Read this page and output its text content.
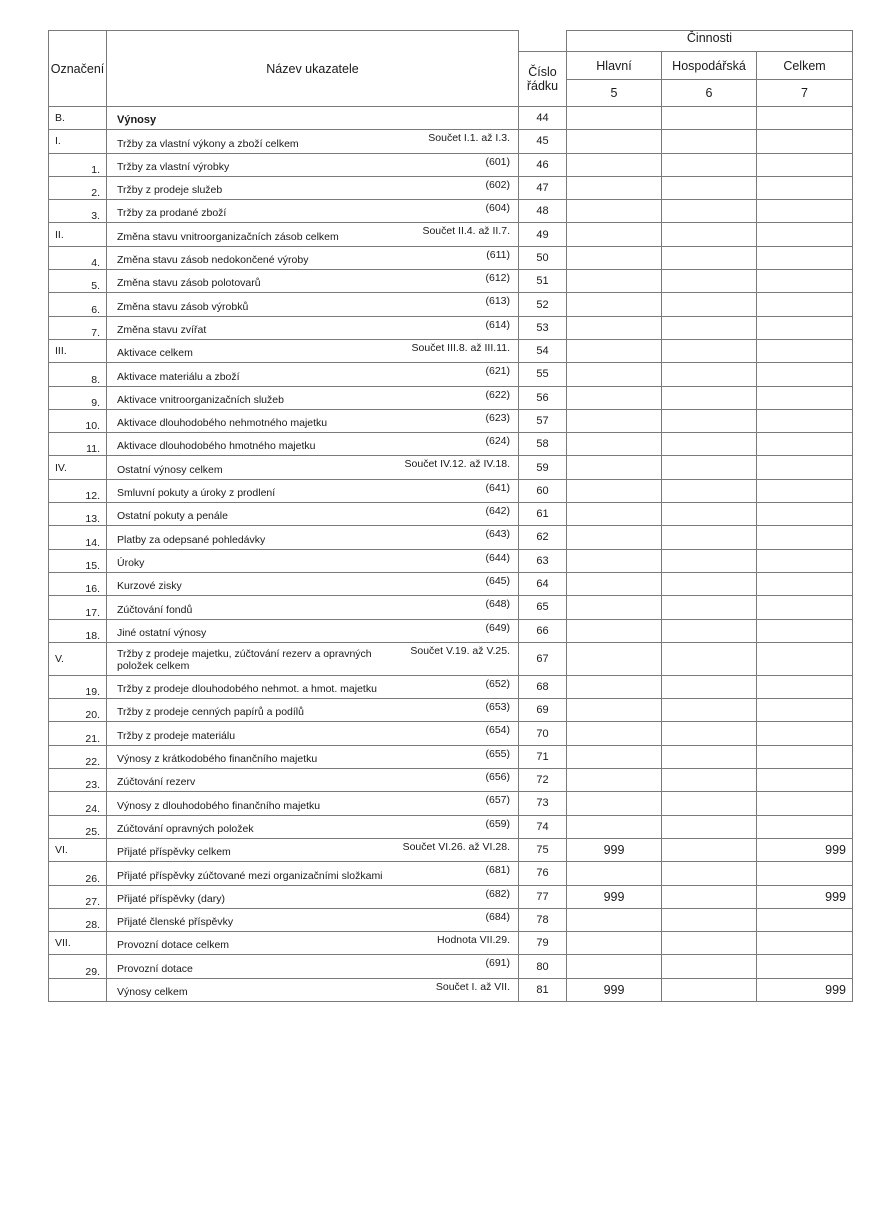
Označení	Název ukazatele		Činnosti		

		Číslo
řádku	Hlavní	Hospodářská	Celkem
			5	6	7
B.	Výnosy	44			
I.	Tržby za vlastní výkony a zboží celkem Součet I.1. až I.3.	45			
1.	Tržby za vlastní výrobky (601)	46			
2.	Tržby z prodeje služeb (602)	47			
3.	Tržby za prodané zboží (604)	48			
II.	Změna stavu vnitroorganizačních zásob celkem Součet II.4. až II.7.	49			
4.	Změna stavu zásob nedokončené výroby (611)	50			
5.	Změna stavu zásob polotovarů (612)	51			
6.	Změna stavu zásob výrobků (613)	52			
7.	Změna stavu zvířat (614)	53			
III.	Aktivace celkem Součet III.8. až III.11.	54			
8.	Aktivace materiálu a zboží (621)	55			
9.	Aktivace vnitroorganizačních služeb (622)	56			
10.	Aktivace dlouhodobého nehmotného majetku (623)	57			
11.	Aktivace dlouhodobého hmotného majetku (624)	58			
IV.	Ostatní výnosy celkem Součet IV.12. až IV.18.	59			
12.	Smluvní pokuty a úroky z prodlení (641)	60			
13.	Ostatní pokuty a penále (642)	61			
14.	Platby za odepsané pohledávky (643)	62			
15.	Úroky (644)	63			
16.	Kurzové zisky (645)	64			
17.	Zúčtování fondů (648)	65			
18.	Jiné ostatní výnosy (649)	66			
V.	Tržby z prodeje majetku, zúčtování rezerv a opravných položek celkem
Součet V.19. až V.25.	67			
19.	Tržby z prodeje dlouhodobého nehmot. a hmot. majetku (652)	68			
20.	Tržby z prodeje cenných papírů a podílů (653)	69			
21.	Tržby z prodeje materiálu (654)	70			
22.	Výnosy z krátkodobého finančního majetku (655)	71			
23.	Zúčtování rezerv (656)	72			
24.	Výnosy z dlouhodobého finančního majetku (657)	73			
25.	Zúčtování opravných položek (659)	74			
VI.	Přijaté příspěvky celkem Součet VI.26. až VI.28.	75	999		999
26.	Přijaté příspěvky zúčtované mezi organizačními složkami (681)	76			
27.	Přijaté příspěvky (dary) (682)	77	999		999
28.	Přijaté členské příspěvky (684)	78			
VII.	Provozní dotace celkem Hodnota VII.29.	79			
29.	Provozní dotace (691)	80			
	Výnosy celkem Součet I. až VII.	81	999		999
